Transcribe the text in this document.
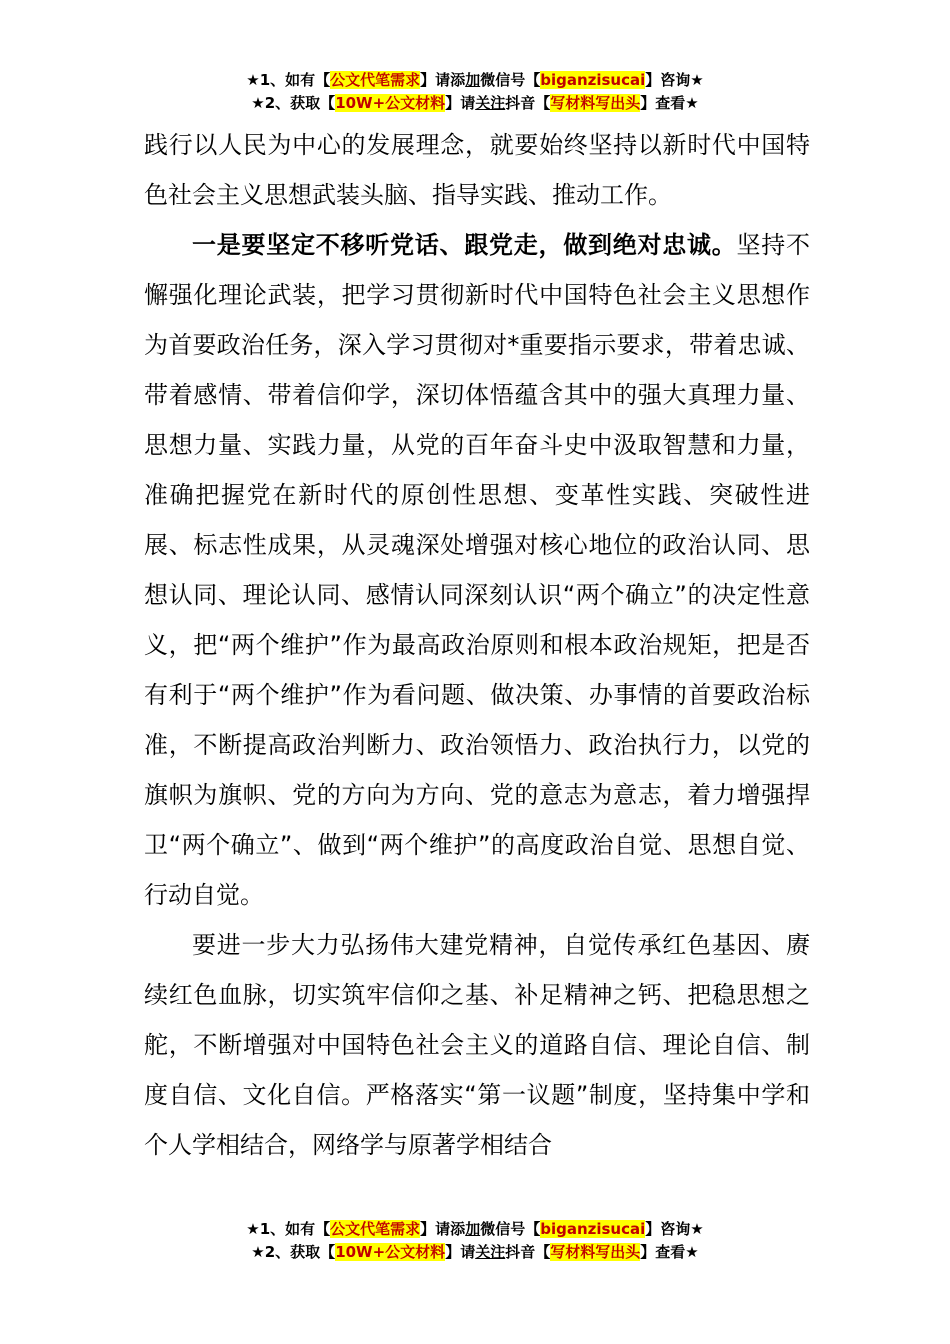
★1、如有【公文代笔需求】请添加微信号【biganzisucai】咨询★
★2、获取【10W+公文材料】请关注抖音【写材料写出头】查看★

践行以人民为中心的发展理念，就要始终坚持以新时代中国特色社会主义思想武装头脑、指导实践、推动工作。

一是要坚定不移听党话、跟党走，做到绝对忠诚。坚持不懈强化理论武装，把学习贯彻新时代中国特色社会主义思想作为首要政治任务，深入学习贯彻对*重要指示要求，带着忠诚、带着感情、带着信仰学，深切体悟蕴含其中的强大真理力量、思想力量、实践力量，从党的百年奋斗史中汲取智慧和力量，准确把握党在新时代的原创性思想、变革性实践、突破性进展、标志性成果，从灵魂深处增强对核心地位的政治认同、思想认同、理论认同、感情认同深刻认识“两个确立”的决定性意义，把“两个维护”作为最高政治原则和根本政治规矩，把是否有利于“两个维护”作为看问题、做决策、办事情的首要政治标准，不断提高政治判断力、政治领悟力、政治执行力，以党的旗帜为旗帜、党的方向为方向、党的意志为意志，着力增强捍卫“两个确立”、做到“两个维护”的高度政治自觉、思想自觉、行动自觉。

要进一步大力弘扬伟大建党精神，自觉传承红色基因、赓续红色血脉，切实筑牢信仰之基、补足精神之钙、把稳思想之舵，不断增强对中国特色社会主义的道路自信、理论自信、制度自信、文化自信。严格落实“第一议题”制度，坚持集中学和个人学相结合，网络学与原著学相结合

★1、如有【公文代笔需求】请添加微信号【biganzisucai】咨询★
★2、获取【10W+公文材料】请关注抖音【写材料写出头】查看★
